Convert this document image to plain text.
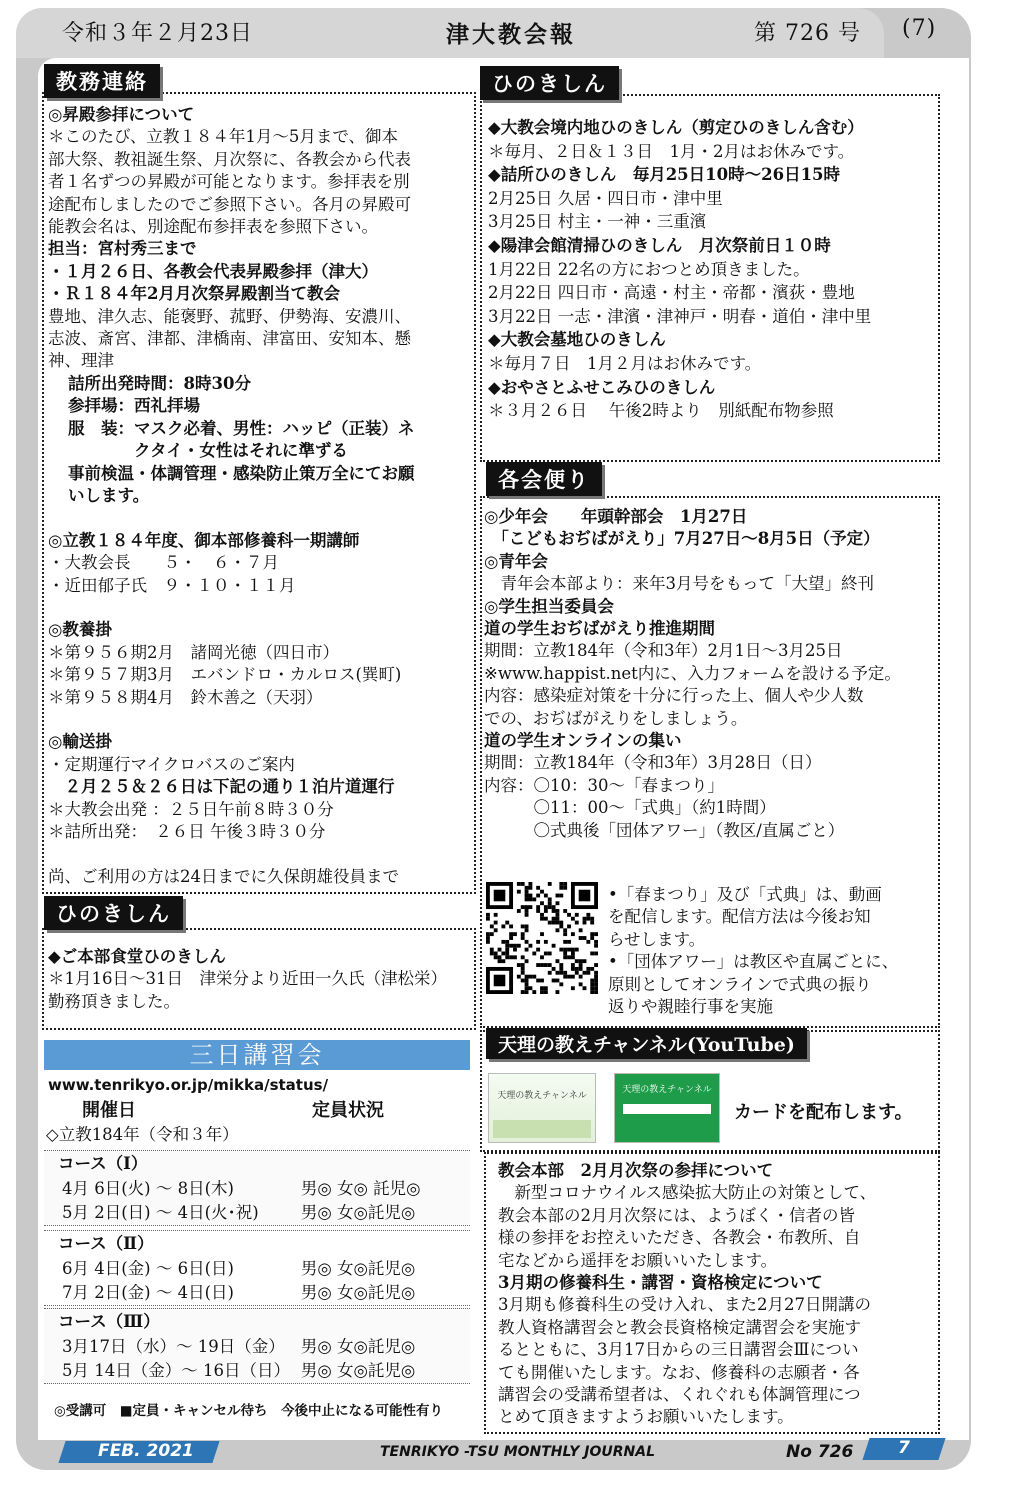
令和３年２月23日	津大教会報	第 726 号 (7)
教務連絡
◎昇殿参拝について
＊このたび、立教１８４年1月～5月まで、御本
部大祭、教祖誕生祭、月次祭に、各教会から代表
者１名ずつの昇殿が可能となります。参拝表を別
途配布しましたのでご参照下さい。各月の昇殿可
能教会名は、別途配布参拝表を参照下さい。
担当：宮村秀三まで
・１月２６日、各教会代表昇殿参拝（津大）
・Ｒ１８４年2月月次祭昇殿割当て教会
豊地、津久志、能褒野、菰野、伊勢海、安濃川、
志波、斎宮、津都、津橋南、津富田、安知本、懸
神、理津
詰所出発時間：8時30分
参拝場：西礼拝場
服　装：マスク必着、男性：ハッピ（正装）ネ
　　　　クタイ・女性はそれに準ずる
事前検温・体調管理・感染防止策万全にてお願
いします。

◎立教１８４年度、御本部修養科一期講師
・大教会長　　５・　６・７月
・近田郁子氏　９・１０・１１月

◎教養掛
＊第９５６期2月　諸岡光徳（四日市）
＊第９５７期3月　エバンドロ・カルロス(巽町)
＊第９５８期4月　鈴木善之（天羽）

◎輸送掛
・定期運行マイクロバスのご案内
　２月２５＆２６日は下記の通り１泊片道運行
＊大教会出発 ：２５日午前８時３０分
＊詰所出発：　２６日 午後３時３０分

尚、ご利用の方は24日までに久保朗雄役員まで
ひのきしん
◆ご本部食堂ひのきしん
＊1月16日～31日　津栄分より近田一久氏（津松栄）
勤務頂きました。
三日講習会
www.tenrikyo.or.jp/mikka/status/
開催日	定員状況
◇立教184年（令和３年）
コース（Ⅰ）
4月 6日(火) ～ 8日(木)	男◎ 女◎ 託児◎
5月 2日(日) ～ 4日(火･祝)	男◎ 女◎託児◎
コース（Ⅱ）
6月 4日(金) ～ 6日(日)	男◎ 女◎託児◎
7月 2日(金) ～ 4日(日)	男◎ 女◎託児◎
コース（Ⅲ）
3月17日（水）～ 19日（金） 男◎ 女◎託児◎
5月 14日（金）～ 16日（日） 男◎ 女◎託児◎
◎受講可　■定員・キャンセル待ち　今後中止になる可能性有り
ひのきしん
◆大教会境内地ひのきしん（剪定ひのきしん含む）
＊毎月、２日＆１３日　1月・2月はお休みです。
◆詰所ひのきしん　毎月25日10時～26日15時
2月25日 久居・四日市・津中里
3月25日 村主・一神・三重濱
◆陽津会館清掃ひのきしん　月次祭前日１０時
1月22日 22名の方におつとめ頂きました。
2月22日 四日市・高遠・村主・帝都・濱荻・豊地
3月22日 一志・津濱・津神戸・明春・道伯・津中里
◆大教会墓地ひのきしん
＊毎月７日　1月２月はお休みです。
◆おやさとふせこみひのきしん
＊３月２６日　 午後2時より　別紙配布物参照
各会便り
◎少年会　　年頭幹部会　1月27日
　「こどもおぢばがえり」7月27日～8月5日（予定）
◎青年会
　青年会本部より：来年3月号をもって「大望」終刊
◎学生担当委員会
道の学生おぢばがえり推進期間
期間：立教184年（令和3年）2月1日～3月25日
※www.happist.net内に、入力フォームを設ける予定。
内容：感染症対策を十分に行った上、個人や少人数
での、おぢばがえりをしましょう。
道の学生オンラインの集い
期間：立教184年（令和3年）3月28日（日）
内容：〇10：30～「春まつり」
　　　〇11：00～「式典」（約1時間）
　　　〇式典後「団体アワー」（教区/直属ごと）
•「春まつり」及び「式典」は、動画
を配信します。配信方法は今後お知
らせします。
•「団体アワー」は教区や直属ごとに、
原則としてオンラインで式典の振り
返りや親睦行事を実施
天理の教えチャンネル(YouTube)
天理の教えチャンネル
天理の教えチャンネル
カードを配布します。
教会本部　2月月次祭の参拝について
　新型コロナウイルス感染拡大防止の対策として、
教会本部の2月月次祭には、ようぼく・信者の皆
様の参拝をお控えいただき、各教会・布教所、自
宅などから遥拝をお願いいたします。
3月期の修養科生・講習・資格検定について
3月期も修養科生の受け入れ、また2月27日開講の
教人資格講習会と教会長資格検定講習会を実施す
るとともに、3月17日からの三日講習会Ⅲについ
ても開催いたします。なお、修養科の志願者・各
講習会の受講希望者は、くれぐれも体調管理につ
とめて頂きますようお願いいたします。
FEB. 2021	TENRIKYO -TSU MONTHLY JOURNAL	No 726	7
